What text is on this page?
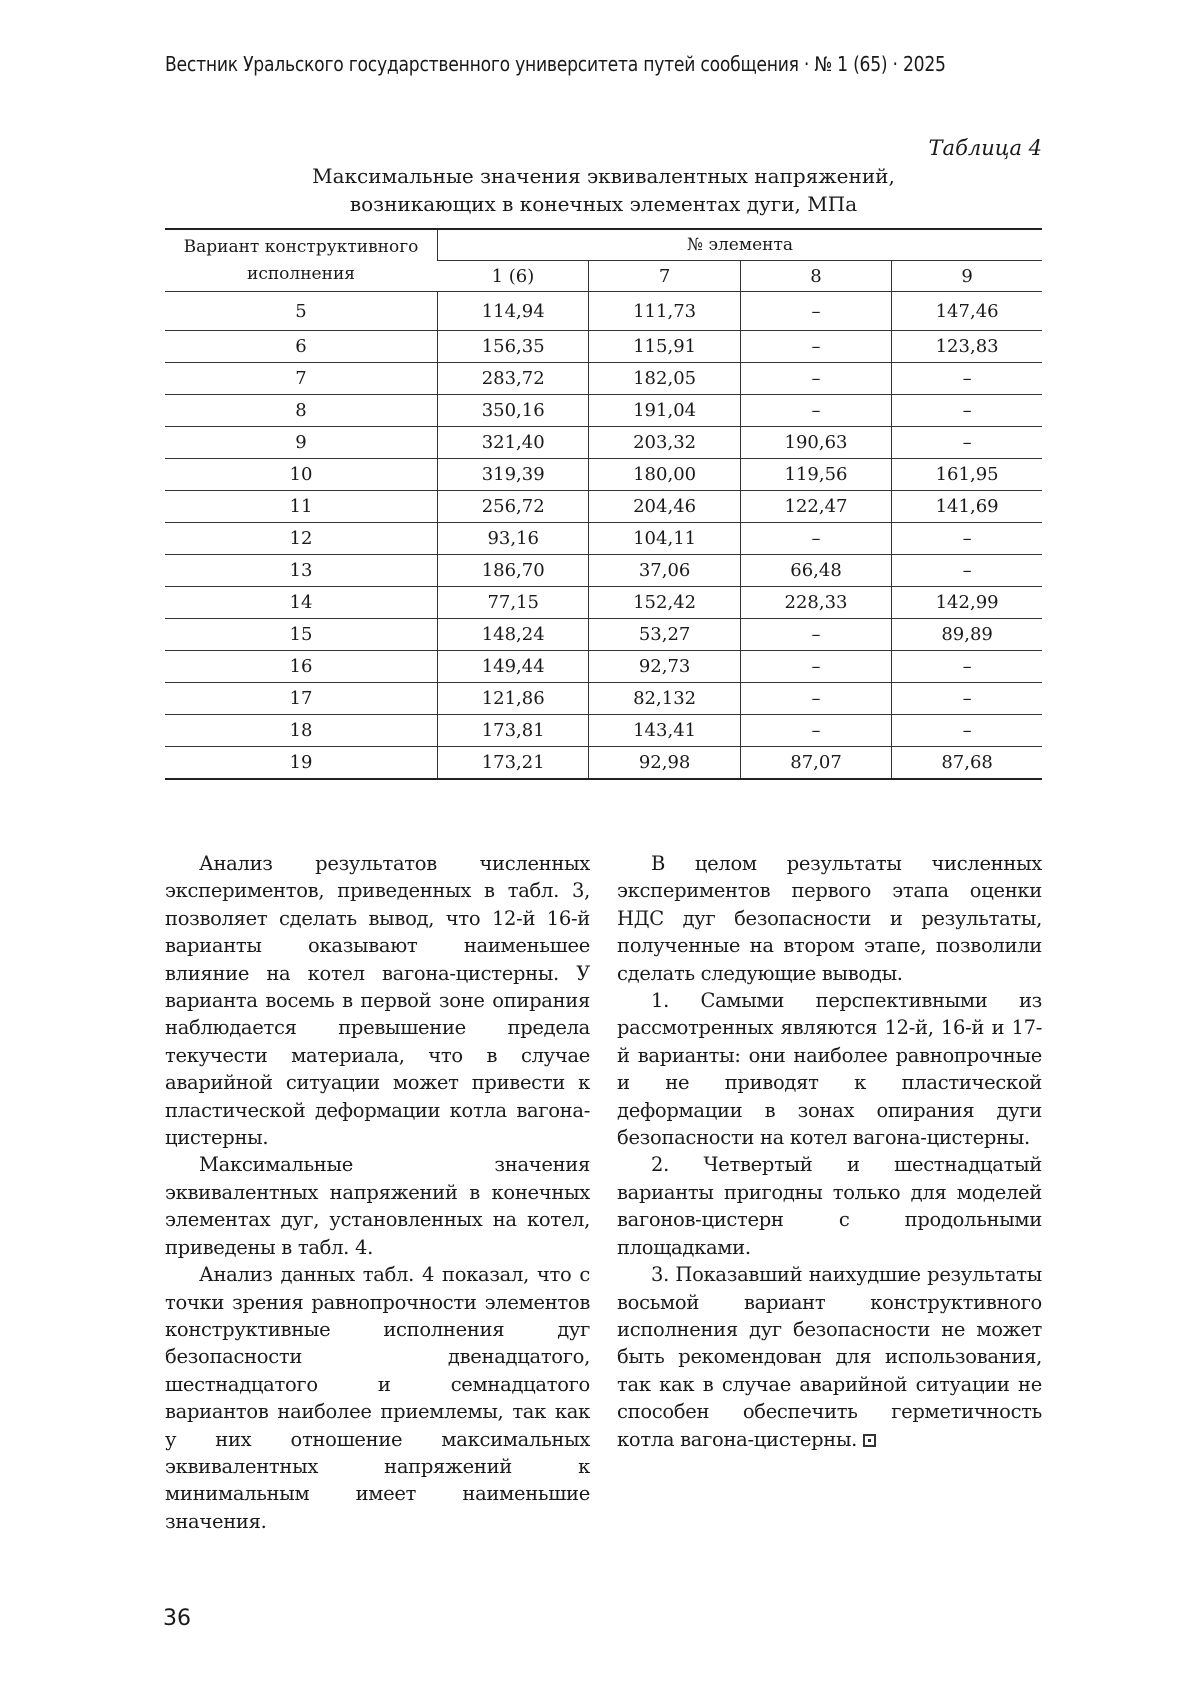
Вестник Уральского государственного университета путей сообщения · № 1 (65) · 2025
Таблица 4
Максимальные значения эквивалентных напряжений,
возникающих в конечных элементах дуги, МПа
Вариант конструктивного исполнения	№ элемента			
	1 (6)	7	8	9
5	114,94	111,73	–	147,46
6	156,35	115,91	–	123,83
7	283,72	182,05	–	–
8	350,16	191,04	–	–
9	321,40	203,32	190,63	–
10	319,39	180,00	119,56	161,95
11	256,72	204,46	122,47	141,69
12	93,16	104,11	–	–
13	186,70	37,06	66,48	–
14	77,15	152,42	228,33	142,99
15	148,24	53,27	–	89,89
16	149,44	92,73	–	–
17	121,86	82,132	–	–
18	173,81	143,41	–	–
19	173,21	92,98	87,07	87,68

Анализ результатов численных экспериментов, приведенных в табл. 3, позволяет сделать вывод, что 12-й 16-й варианты оказывают наименьшее влияние на котел вагона-цистерны. У варианта восемь в первой зоне опирания наблюдается превышение предела текучести материала, что в случае аварийной ситуации может привести к пластической деформации котла вагона-цистерны.

Максимальные значения эквивалентных напряжений в конечных элементах дуг, установленных на котел, приведены в табл. 4.

Анализ данных табл. 4 показал, что с точки зрения равнопрочности элементов конструктивные исполнения дуг безопасности двенадцатого, шестнадцатого и семнадцатого вариантов наиболее приемлемы, так как у них отношение максимальных эквивалентных напряжений к минимальным имеет наименьшие значения.

В целом результаты численных экспериментов первого этапа оценки НДС дуг безопасности и результаты, полученные на втором этапе, позволили сделать следующие выводы.

1. Самыми перспективными из рассмотренных являются 12-й, 16-й и 17-й варианты: они наиболее равнопрочные и не приводят к пластической деформации в зонах опирания дуги безопасности на котел вагона-цистерны.

2. Четвертый и шестнадцатый варианты пригодны только для моделей вагонов-цистерн с продольными площадками.

3. Показавший наихудшие результаты восьмой вариант конструктивного исполнения дуг безопасности не может быть рекомендован для использования, так как в случае аварийной ситуации не способен обеспечить герметичность котла вагона-цистерны.

36
